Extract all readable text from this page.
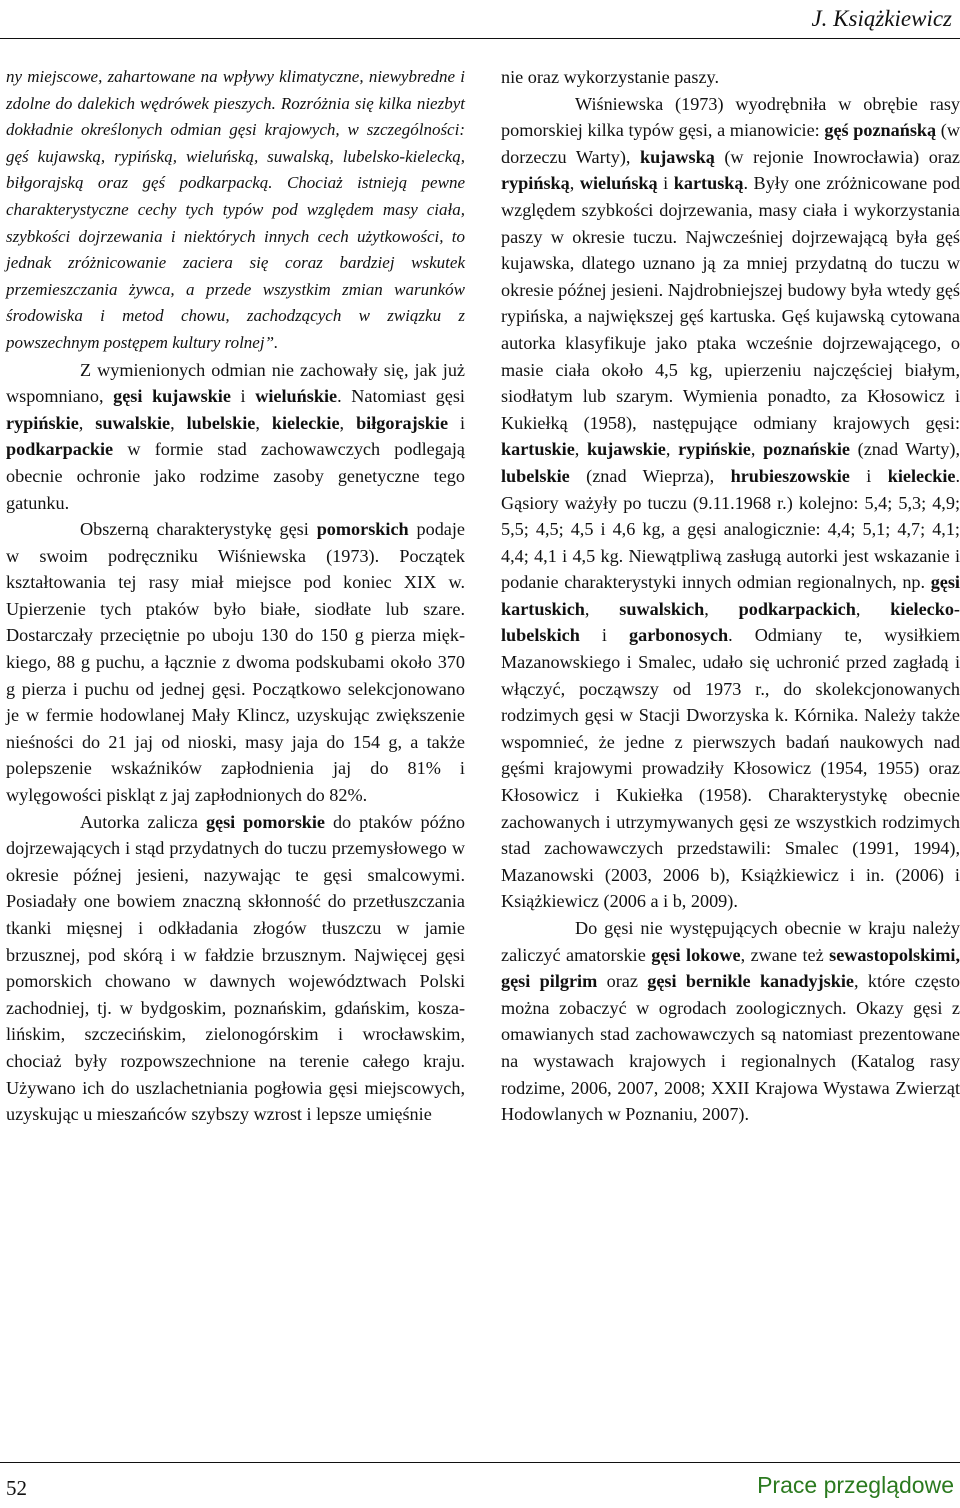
J. Książkiewicz

ny miejscowe, zahartowane na wpływy klimatyczne, niewybredne i zdolne do dalekich wędrówek pieszych. Rozróżnia się kilka niezbyt dokładnie określonych odmian gęsi krajowych, w szczególności: gęś kujawską, rypińską, wieluńską, suwalską, lubelsko-kielecką, biłgorajską oraz gęś podkarpacką. Chociaż istnieją pewne charakterystyczne cechy tych typów pod względem masy ciała, szybkości dojrzewania i niektórych innych cech użytkowości, to jednak zróżnicowanie zaciera się coraz bardziej wskutek przemieszczania żywca, a przede wszystkim zmian warunków środowiska i metod chowu, zachodzących w związku z powszechnym postępem kultury rolnej”.

Z wymienionych odmian nie zachowały się, jak już wspomniano, gęsi kujawskie i wieluńskie. Natomiast gęsi rypińskie, suwalskie, lubelskie, kieleckie, biłgorajskie i podkarpackie w formie stad zachowawczych podlegają obecnie ochronie jako rodzime zasoby genetyczne tego gatunku.

Obszerną charakterystykę gęsi pomorskich podaje w swoim podręczniku Wiśniewska (1973). Początek kształtowania tej rasy miał miejsce pod koniec XIX w. Upierzenie tych ptaków było białe, siodłate lub szare. Dostarczały przeciętnie po uboju 130 do 150 g pierza miękkiego, 88 g puchu, a łącznie z dwoma podskubami około 370 g pierza i puchu od jednej gęsi. Początkowo selekcjonowano je w fermie hodowlanej Mały Klincz, uzyskując zwiększenie nieśności do 21 jaj od nioski, masy jaja do 154 g, a także polepszenie wskaźników zapłodnienia jaj do 81% i wylęgowości piskląt z jaj zapłodnionych do 82%.

Autorka zalicza gęsi pomorskie do ptaków późno dojrzewających i stąd przydatnych do tuczu przemysłowego w okresie późnej jesieni, nazywając te gęsi smalcowymi. Posiadały one bowiem znaczną skłonność do przetłuszczania tkanki mięsnej i odkładania złogów tłuszczu w jamie brzusznej, pod skórą i w fałdzie brzusznym. Najwięcej gęsi pomorskich chowano w dawnych województwach Polski zachodniej, tj. w bydgoskim, poznańskim, gdańskim, koszalińskim, szczecińskim, zielonogórskim i wrocławskim, chociaż były rozpowszechnione na terenie całego kraju. Używano ich do uszlachetniania pogłowia gęsi miejscowych, uzyskując u mieszańców szybszy wzrost i lepsze umięśnie

nie oraz wykorzystanie paszy.

Wiśniewska (1973) wyodrębniła w obrębie rasy pomorskiej kilka typów gęsi, a mianowicie: gęś poznańską (w dorzeczu Warty), kujawską (w rejonie Inowrocławia) oraz rypińską, wieluńską i kartuską. Były one zróżnicowane pod względem szybkości dojrzewania, masy ciała i wykorzystania paszy w okresie tuczu. Najwcześniej dojrzewającą była gęś kujawska, dlatego uznano ją za mniej przydatną do tuczu w okresie późnej jesieni. Najdrobniejszej budowy była wtedy gęś rypińska, a największej gęś kartuska. Gęś kujawską cytowana autorka klasyfikuje jako ptaka wcześnie dojrzewającego, o masie ciała około 4,5 kg, upierzeniu najczęściej białym, siodłatym lub szarym. Wymienia ponadto, za Kłosowicz i Kukiełką (1958), następujące odmiany krajowych gęsi: kartuskie, kujawskie, rypińskie, poznańskie (znad Warty), lubelskie (znad Wieprza), hrubieszowskie i kieleckie. Gąsiory ważyły po tuczu (9.11.1968 r.) kolejno: 5,4; 5,3; 4,9; 5,5; 4,5; 4,5 i 4,6 kg, a gęsi analogicznie: 4,4; 5,1; 4,7; 4,1; 4,4; 4,1 i 4,5 kg. Niewątpliwą zasługą autorki jest wskazanie i podanie charakterystyki innych odmian regionalnych, np. gęsi kartuskich, suwalskich, podkarpackich, kielecko-lubelskich i garbonosych. Odmiany te, wysiłkiem Mazanowskiego i Smalec, udało się uchronić przed zagładą i włączyć, począwszy od 1973 r., do skolekcjonowanych rodzimych gęsi w Stacji Dworzyska k. Kórnika. Należy także wspomnieć, że jedne z pierwszych badań naukowych nad gęśmi krajowymi prowadziły Kłosowicz (1954, 1955) oraz Kłosowicz i Kukiełka (1958). Charakterystykę obecnie zachowanych i utrzymywanych gęsi ze wszystkich rodzimych stad zachowawczych przedstawili: Smalec (1991, 1994), Mazanowski (2003, 2006 b), Książkiewicz i in. (2006) i Książkiewicz (2006 a i b, 2009).

Do gęsi nie występujących obecnie w kraju należy zaliczyć amatorskie gęsi lokowe, zwane też sewastopolskimi, gęsi pilgrim oraz gęsi bernikle kanadyjskie, które często można zobaczyć w ogrodach zoologicznych. Okazy gęsi z omawianych stad zachowawczych są natomiast prezentowane na wystawach krajowych i regionalnych (Katalog rasy rodzime, 2006, 2007, 2008; XXII Krajowa Wystawa Zwierząt Hodowlanych w Poznaniu, 2007).

52	Prace przeglądowe
